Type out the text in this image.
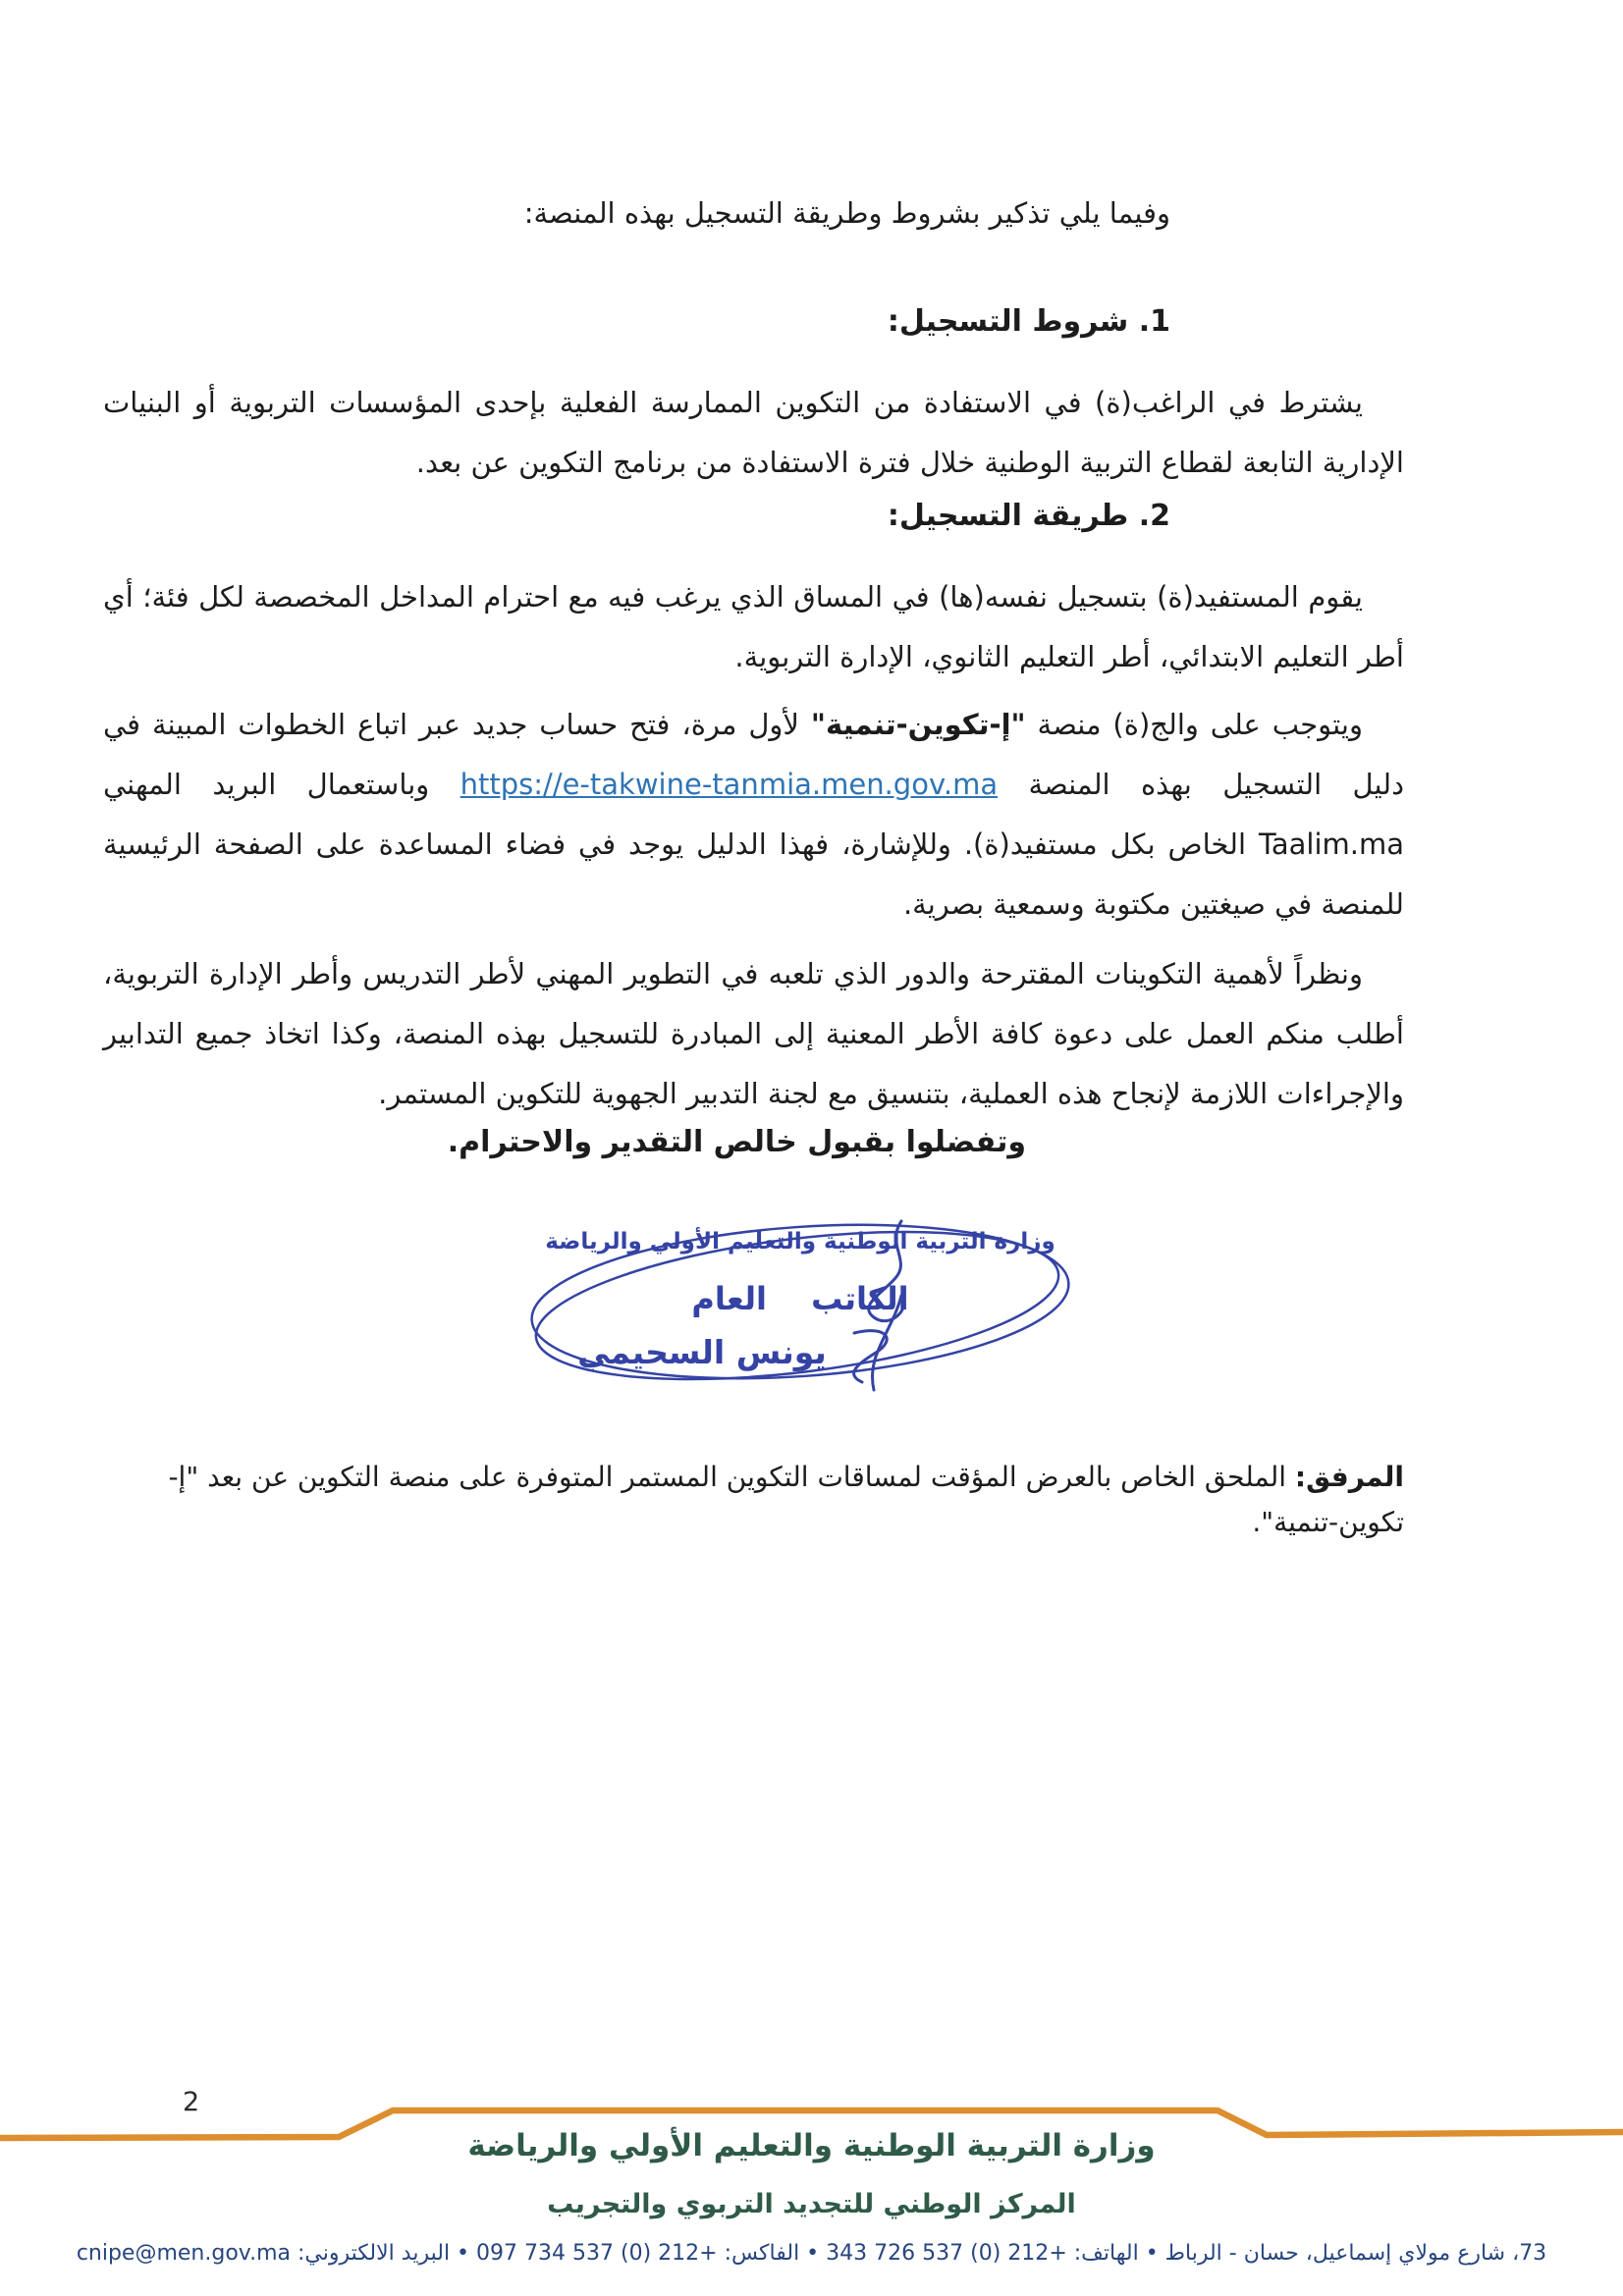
وفيما يلي تذكير بشروط وطريقة التسجيل بهذه المنصة:
1. شروط التسجيل:

يشترط في الراغب(ة) في الاستفادة من التكوين الممارسة الفعلية بإحدى المؤسسات التربوية أو البنيات الإدارية التابعة لقطاع التربية الوطنية خلال فترة الاستفادة من برنامج التكوين عن بعد.

2. طريقة التسجيل:

يقوم المستفيد(ة) بتسجيل نفسه(ها) في المساق الذي يرغب فيه مع احترام المداخل المخصصة لكل فئة؛ أي أطر التعليم الابتدائي، أطر التعليم الثانوي، الإدارة التربوية.

ويتوجب على والج(ة) منصة "إ-تكوين-تنمية" لأول مرة، فتح حساب جديد عبر اتباع الخطوات المبينة في دليل التسجيل بهذه المنصة https://e-takwine-tanmia.men.gov.ma وباستعمال البريد المهني Taalim.ma الخاص بكل مستفيد(ة). وللإشارة، فهذا الدليل يوجد في فضاء المساعدة على الصفحة الرئيسية للمنصة في صيغتين مكتوبة وسمعية بصرية.

ونظراً لأهمية التكوينات المقترحة والدور الذي تلعبه في التطوير المهني لأطر التدريس وأطر الإدارة التربوية، أطلب منكم العمل على دعوة كافة الأطر المعنية إلى المبادرة للتسجيل بهذه المنصة، وكذا اتخاذ جميع التدابير والإجراءات اللازمة لإنجاح هذه العملية، بتنسيق مع لجنة التدبير الجهوية للتكوين المستمر.

وتفضلوا بقبول خالص التقدير والاحترام.
وزارة التربية الوطنية والتعليم الأولي والرياضة
الكاتب العام
يونس السحيمي
المرفق: الملحق الخاص بالعرض المؤقت لمساقات التكوين المستمر المتوفرة على منصة التكوين عن بعد "إ- تكوين-تنمية".
2
وزارة التربية الوطنية والتعليم الأولي والرياضة
المركز الوطني للتجديد التربوي والتجريب
73، شارع مولاي إسماعيل، حسان - الرباط • الهاتف: +212 (0) 537 726 343 • الفاكس: +212 (0) 537 734 097 • البريد الالكتروني: cnipe@men.gov.ma
